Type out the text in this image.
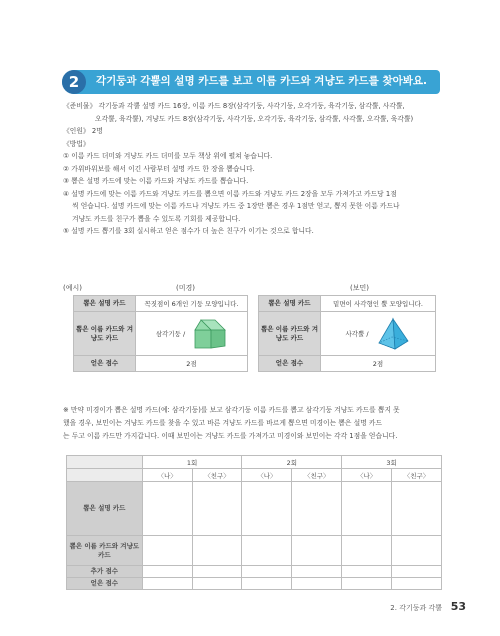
2	각기둥과 각뿔의 설명 카드를 보고 이름 카드와 겨냥도 카드를 찾아봐요.
《준비물》 각기둥과 각뿔 설명 카드 16장, 이름 카드 8장(삼각기둥, 사각기둥, 오각기둥, 육각기둥, 삼각뿔, 사각뿔,
오각뿔, 육각뿔), 겨냥도 카드 8장(삼각기둥, 사각기둥, 오각기둥, 육각기둥, 삼각뿔, 사각뿔, 오각뿔, 육각뿔)
《인원》 2명
《방법》
① 이름 카드 더미와 겨냥도 카드 더미를 모두 책상 위에 펼쳐 놓습니다.
② 가위바위보를 해서 이긴 사람부터 설명 카드 한 장을 뽑습니다.
③ 뽑은 설명 카드에 맞는 이름 카드와 겨냥도 카드를 뽑습니다.
④ 설명 카드에 맞는 이름 카드와 겨냥도 카드를 뽑으면 이름 카드와 겨냥도 카드 2장을 모두 가져가고 카드당 1점
씩 얻습니다. 설명 카드에 맞는 이름 카드나 겨냥도 카드 중 1장만 뽑은 경우 1점만 얻고, 뽑지 못한 이름 카드나
겨냥도 카드를 친구가 뽑을 수 있도록 기회를 제공합니다.
⑤ 설명 카드 뽑기를 3회 실시하고 얻은 점수가 더 높은 친구가 이기는 것으로 합니다.
(예시)	(미경)	(보민)
뽑은 설명 카드	꼭짓점이 6개인 기둥 모양입니다.
뽑은 이름 카드와 겨냥도 카드	삼각기둥 /

얻은 점수	2점
뽑은 설명 카드	밑면이 사각형인 뿔 모양입니다.
뽑은 이름 카드와 겨냥도 카드	사각뿔 /

얻은 점수	2점
※ 만약 미경이가 뽑은 설명 카드(예: 삼각기둥)를 보고 삼각기둥 이름 카드를 뽑고 삼각기둥 겨냥도 카드를 뽑지 못
했을 경우, 보민이는 겨냥도 카드를 찾을 수 있고 바른 겨냥도 카드를 바르게 뽑으면 미경이는 뽑은 설명 카드
는 두고 이름 카드만 가지갑니다. 이때 보민이는 겨냥도 카드를 가져가고 미경이와 보민이는 각각 1점을 얻습니다.
	1회		2회		3회	
	〈나〉	〈친구〉	〈나〉	〈친구〉	〈나〉	〈친구〉
뽑은 설명 카드						
뽑은 이름 카드와 겨냥도 카드						
추가 점수						
얻은 점수						
2. 각기둥과 각뿔 53
